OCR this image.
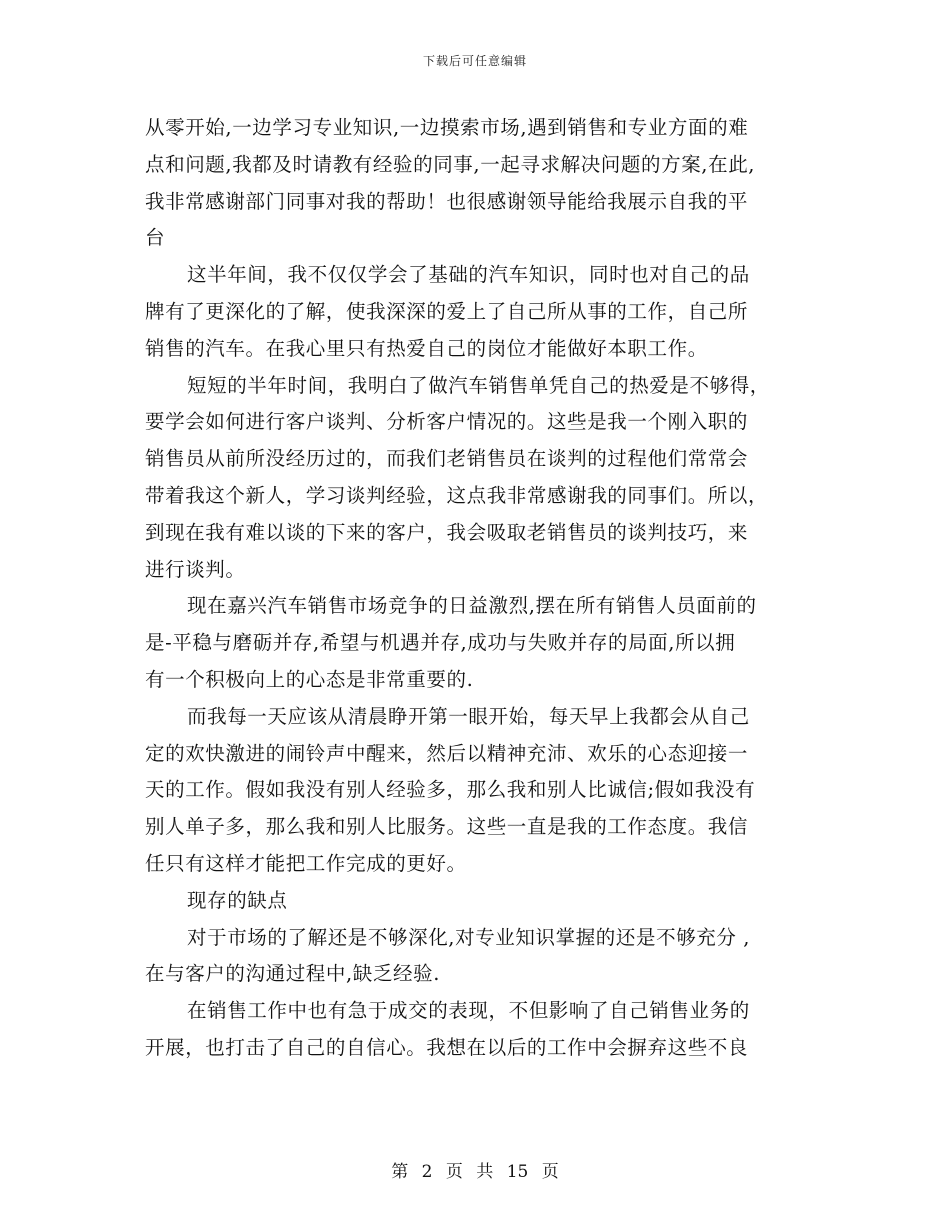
下载后可任意编辑
从零开始,一边学习专业知识,一边摸索市场,遇到销售和专业方面的难
点和问题,我都及时请教有经验的同事,一起寻求解决问题的方案,在此,
我非常感谢部门同事对我的帮助！也很感谢领导能给我展示自我的平
台
这半年间，我不仅仅学会了基础的汽车知识，同时也对自己的品
牌有了更深化的了解，使我深深的爱上了自己所从事的工作，自己所
销售的汽车。在我心里只有热爱自己的岗位才能做好本职工作。
短短的半年时间，我明白了做汽车销售单凭自己的热爱是不够得，
要学会如何进行客户谈判、分析客户情况的。这些是我一个刚入职的
销售员从前所没经历过的，而我们老销售员在谈判的过程他们常常会
带着我这个新人，学习谈判经验，这点我非常感谢我的同事们。所以，
到现在我有难以谈的下来的客户，我会吸取老销售员的谈判技巧，来
进行谈判。
现在嘉兴汽车销售市场竞争的日益激烈,摆在所有销售人员面前的
是-平稳与磨砺并存,希望与机遇并存,成功与失败并存的局面,所以拥
有一个积极向上的心态是非常重要的.
而我每一天应该从清晨睁开第一眼开始，每天早上我都会从自己
定的欢快激进的闹铃声中醒来，然后以精神充沛、欢乐的心态迎接一
天的工作。假如我没有别人经验多，那么我和别人比诚信;假如我没有
别人单子多，那么我和别人比服务。这些一直是我的工作态度。我信
任只有这样才能把工作完成的更好。
现存的缺点
对于市场的了解还是不够深化,对专业知识掌握的还是不够充分 ,
在与客户的沟通过程中,缺乏经验.
在销售工作中也有急于成交的表现，不但影响了自己销售业务的
开展，也打击了自己的自信心。我想在以后的工作中会摒弃这些不良
第 2 页 共 15 页
